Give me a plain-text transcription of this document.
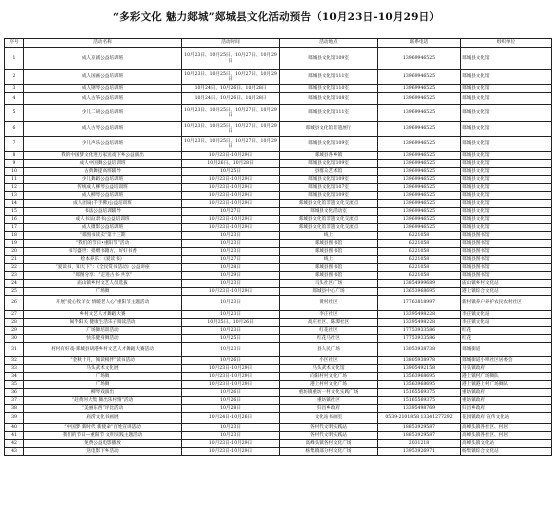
“多彩文化 魅力郯城”郯城县文化活动预告（10月23日-10月29日）
序号	活动名称	活动时间	活动地点	联系电话	组织单位
1	成人京剧公益培训班	10月23日、10月25日、10月27日、10月29日	郯城县文化馆109室	13969946525	郯城县文化馆
2	成人国画公益培训班	10月23日、10月25日、10月27日、10月29日	郯城县文化馆111室	13969946525	郯城县文化馆
3	成人钢琴公益培训班	10月24日、10月26日、10月28日	郯城县文化馆110室	13969946525	郯城县文化馆
4	成人古筝公益培训班	10月24日、10月26日、10月28日	郯城县文化馆108室	13969946525	郯城县文化馆
5	少儿二胡公益培训班	10月23日、10月25日、10月27日、10月29日	郯城县文化馆111室	13969946525	郯城县文化馆
6	成人古琴公益培训班	10月23日、10月25日、10月27日、10月29日	郯城县文化馆非遗展厅	13969946525	郯城县文化馆
7	少儿声乐公益培训班	10月23日、10月25日、10月27日、10月29日	郯城县文化馆109室	13969946525	郯城县文化馆
8	我的中国梦文化进万家送戏下乡公益演出	10月23日-10月29日	郯城县各乡镇	13969946525	郯城县文化馆
9	成人中国舞公益培训班	10月26日、10月28日	郯城县文化馆109室	13969946525	郯城县文化馆
10	古典舞提高班辅导	10月25日	县群众艺术馆	13969946525	郯城县文化馆
11	少儿舞蹈公益培训班	10月23日-10月29日	郯城县文化馆109室	13969946525	郯城县文化馆
12	传统成人柳琴公益培训班	10月23日-10月29日	郯城县文化馆107室	13969946525	郯城县文化馆
13	成人柳琴公益培训班	10月23日-10月29日	郯城县文化馆109室	13969946525	郯城县文化馆
14	成人团扇(千手佛)公益培训班	10月23日-10月29日	郯城县文化馆非遗文化交流点	13969946525	郯城县文化馆
15	书法公益培训辅导	10月27日	郯城县文化活动室	13969946525	郯城县文化馆
16	成人书法(隶书)公益培训班	10月23日-10月29日	郯城县文化馆非遗文化交流点	13969946525	郯城县文化馆
17	成人摄影公益培训班	10月23日-10月29日	郯城县文化馆非遗文化交流点	13969946525	郯城县文化馆
18	“郯图书读卖”第十三期	10月23日	线上	6221058	郯城县图书馆
19	“我们的节日•重阳节”活动	10月23日	郯城县图书馆	6221058	郯城县图书馆
20	书写盛世：捐赠书籍方，好好书香	10月23日	郯城县图书馆	6221058	郯城县图书馆
21	绘本养乐：《爱读书》	10月27日	线上	6221058	郯城县图书馆
22	“爱读书，知天下”：《全民赏书活动》公益讲座	10月28日	郯城县图书馆	6221058	郯城县图书馆
23	“郯图分享：“走进古书·共享”	10月29日	郯城县图书馆	6221058	郯城县图书馆
24	庙山镇乡村文艺人员选拔	10月23日	马头社区广场	13854999689	庙山镇乡村文化站
25	广场舞	10月23日-10月29日	郯城县中心广场	13653968695	港上镇综合文化站
26	开展“爱心牧羊女 情暖老人心”重阳节主题活动	10月23日	黄村社区	17763818997	新村镇养户养护农民农村社区
27	乡村文艺人才舞蹈大赛	10月23日	李庄社区	13395498228	李庄镇文化站
28	闹乎阳关 健康生活乐子阅读活动	10月25日、10月26日	高庄社区、陈潭社区	13395498228	李庄镇文化站
29	广场舞培训活动	10月23日	红花社区	17753933586	红花
30	快乐健身舞活动	10月25日	红花马社区	17753933586	红花
31	村村有好戏-郯城县胡港乡村文艺人才舞蹈大赛活动	10月23日	县人民广场	13053938738	郯城街道
32	“金秋十月，阅读相伴”读书活动	10月26日	小区社区	13805938978	郯城街道小埠社区居委会
33	马头武术文化展	10月23日-10月29日	马头武术文化馆	13905492158	马头镇政府
34	广场舞	10月23日-10月29日	向阳村村文化广场	13563968695	港上镇村广场舞队
35	广场舞	10月23日-10月29日	港上村村文化广场	13563968695	港上镇港上村广场舞队
36	柳琴戏演出	10月26日	重坊镇重坊一村文化实践广场	15165569375	重坊镇政府
37	“赶黄河大集 舞出乐村情”活动	10月26日	重坊镇社区	15165569375	重坊镇政府
38	“美丽东西”评比活动	10月28日	归昌乡政府	13395498769	归昌乡政府
39	庙涝文化书画展	10月24日-10月26日	文化站书画室	0539-2101858 13341277292	花园镇政府 宣传文化站
40	“中国梦 新时代 新使命”百姓宣讲活动	10月23日	各村代文明实践站	18853929587	高峰头镇各社区、村居
41	我们的节日—重阳节 文明实践主题活动	10月23日	各村代文明实践站	18853929587	高峰头镇各社区、村居
42	免费公益电影播放	10月23日-10月29日	高峰头镇各村文化广场	2031218	高峰头镇文化站
43	送电影下乡活动	10月23日-10月29日	杨集镇部分村文化广场	13953926971	杨集镇综合文化站
